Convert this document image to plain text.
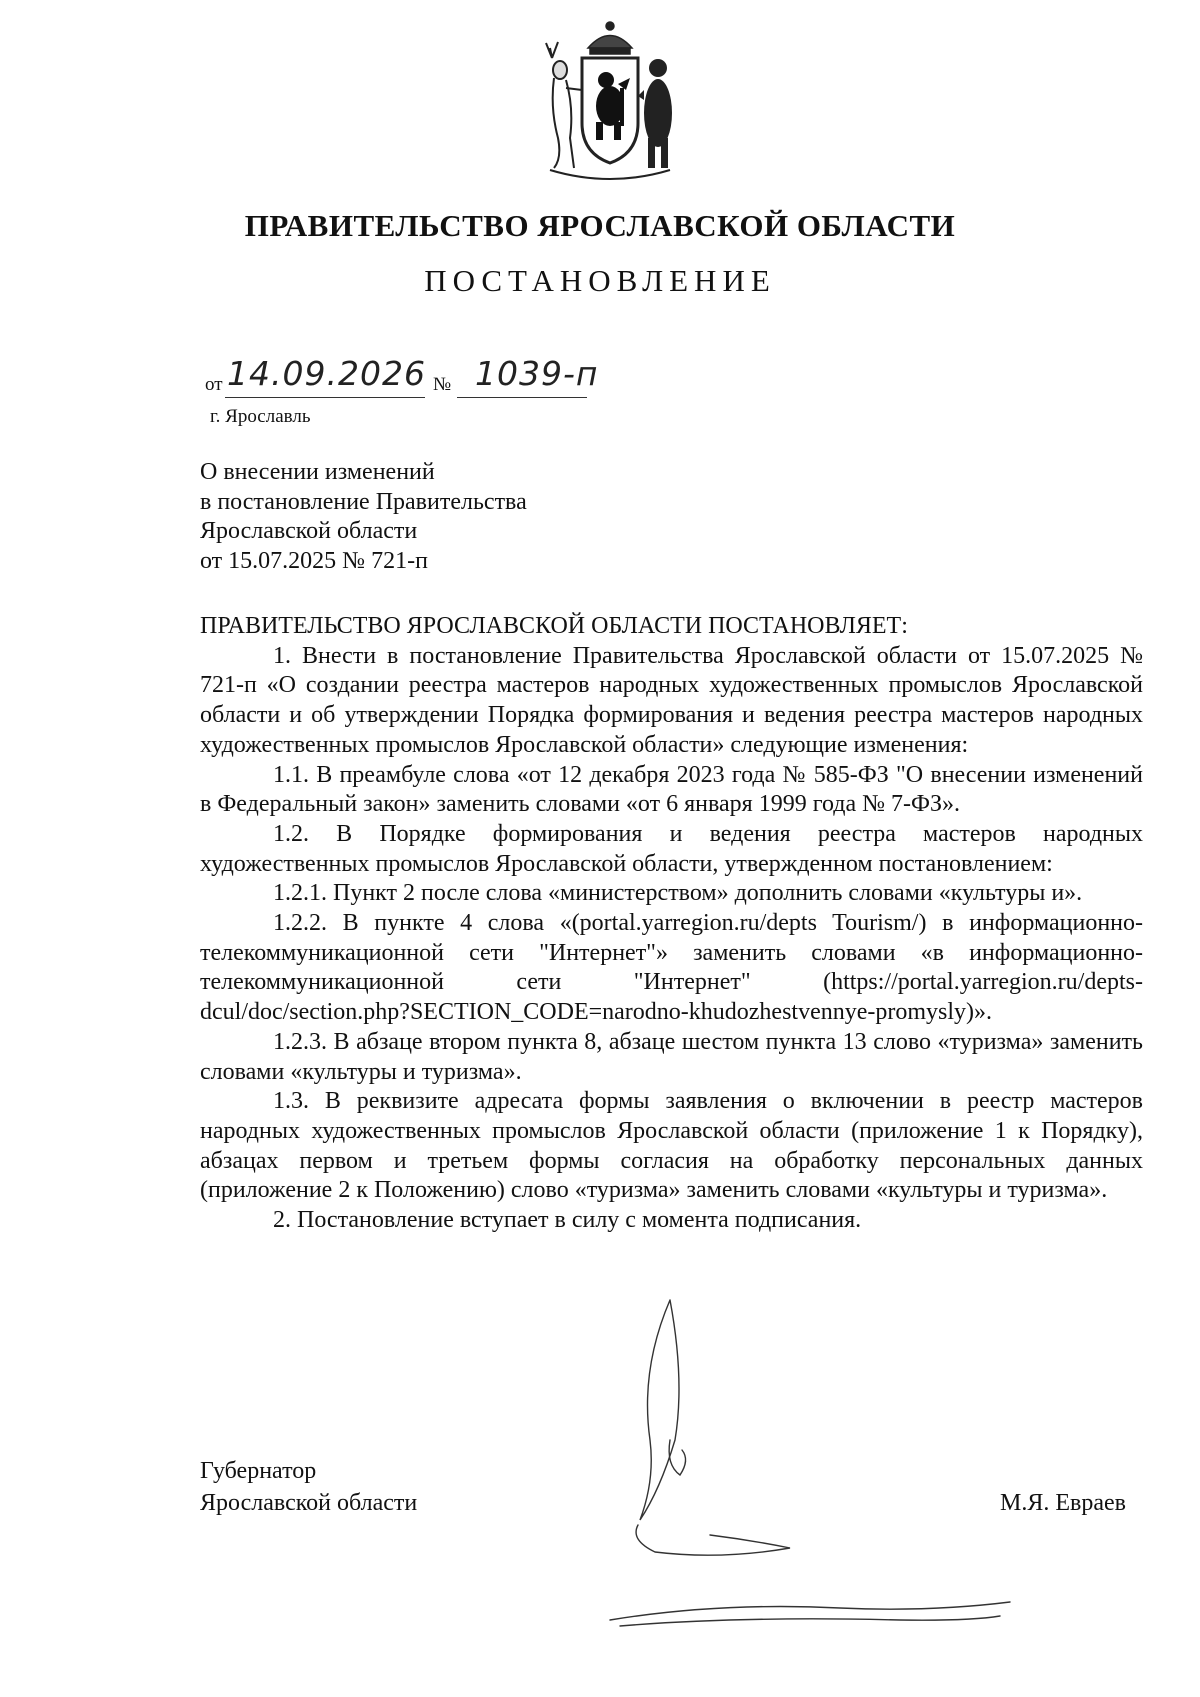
ПРАВИТЕЛЬСТВО ЯРОСЛАВСКОЙ ОБЛАСТИ
ПОСТАНОВЛЕНИЕ
от 14.09.2026 № 1039-п
г. Ярославль
О внесении изменений
в постановление Правительства
Ярославской области
от 15.07.2025 № 721-п

ПРАВИТЕЛЬСТВО ЯРОСЛАВСКОЙ ОБЛАСТИ ПОСТАНОВЛЯЕТ:

1. Внести в постановление Правительства Ярославской области от 15.07.2025 № 721-п «О создании реестра мастеров народных художественных промыслов Ярославской области и об утверждении Порядка формирования и ведения реестра мастеров народных художественных промыслов Ярославской области» следующие изменения:

1.1. В преамбуле слова «от 12 декабря 2023 года № 585-ФЗ "О внесении изменений в Федеральный закон» заменить словами «от 6 января 1999 года № 7-ФЗ».

1.2. В Порядке формирования и ведения реестра мастеров народных художественных промыслов Ярославской области, утвержденном постановлением:

1.2.1. Пункт 2 после слова «министерством» дополнить словами «культуры и».

1.2.2. В пункте 4 слова «(portal.yarregion.ru/depts Tourism/) в информационно-телекоммуникационной сети "Интернет"» заменить словами «в информационно-телекоммуникационной сети "Интернет" (https://portal.yarregion.ru/depts-dcul/doc/section.php?SECTION_CODE=narodno-khudozhestvennye-promysly)».

1.2.3. В абзаце втором пункта 8, абзаце шестом пункта 13 слово «туризма» заменить словами «культуры и туризма».

1.3. В реквизите адресата формы заявления о включении в реестр мастеров народных художественных промыслов Ярославской области (приложение 1 к Порядку), абзацах первом и третьем формы согласия на обработку персональных данных (приложение 2 к Положению) слово «туризма» заменить словами «культуры и туризма».

2. Постановление вступает в силу с момента подписания.

Губернатор
Ярославской области	М.Я. Евраев
